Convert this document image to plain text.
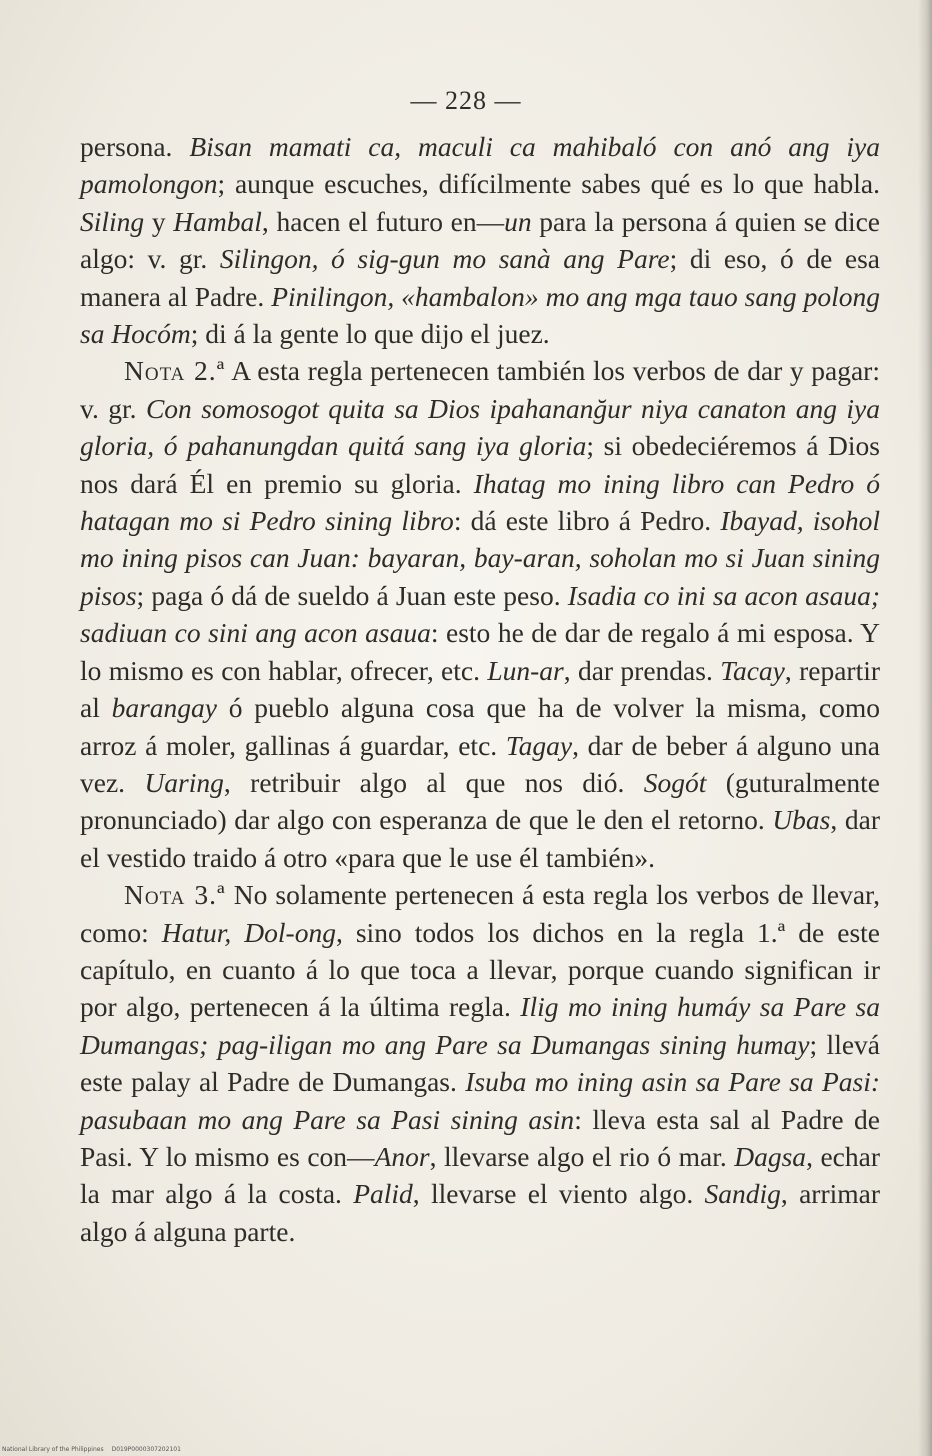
— 228 —

persona. Bisan mamati ca, maculi ca mahibaló con anó ang iya pamolongon; aunque escuches, difícilmente sabes qué es lo que habla. Siling y Hambal, hacen el futuro en—un para la persona á quien se dice algo: v. gr. Silingon, ó sig-gun mo sanà ang Pare; di eso, ó de esa manera al Padre. Pinilingon, «hambalon» mo ang mga tauo sang polong sa Hocóm; di á la gente lo que dijo el juez.

Nota 2.ª A esta regla pertenecen también los verbos de dar y pagar: v. gr. Con somosogot quita sa Dios ipahananğur niya canaton ang iya gloria, ó pahanungdan quitá sang iya gloria; si obedeciéremos á Dios nos dará Él en premio su gloria. Ihatag mo ining libro can Pedro ó hatagan mo si Pedro sining libro: dá este libro á Pedro. Ibayad, isohol mo ining pisos can Juan: bayaran, bay-aran, soholan mo si Juan sining pisos; paga ó dá de sueldo á Juan este peso. Isadia co ini sa acon asaua; sadiuan co sini ang acon asaua: esto he de dar de regalo á mi esposa. Y lo mismo es con hablar, ofrecer, etc. Lun-ar, dar prendas. Tacay, repartir al barangay ó pueblo alguna cosa que ha de volver la misma, como arroz á moler, gallinas á guardar, etc. Tagay, dar de beber á alguno una vez. Uaring, retribuir algo al que nos dió. Sogót (guturalmente pronunciado) dar algo con esperanza de que le den el retorno. Ubas, dar el vestido traido á otro «para que le use él también».

Nota 3.ª No solamente pertenecen á esta regla los verbos de llevar, como: Hatur, Dol-ong, sino todos los dichos en la regla 1.ª de este capítulo, en cuanto á lo que toca a llevar, porque cuando significan ir por algo, pertenecen á la última regla. Ilig mo ining humáy sa Pare sa Dumangas; pag-iligan mo ang Pare sa Dumangas sining humay; llevá este palay al Padre de Dumangas. Isuba mo ining asin sa Pare sa Pasi: pasubaan mo ang Pare sa Pasi sining asin: lleva esta sal al Padre de Pasi. Y lo mismo es con—Anor, llevarse algo el rio ó mar. Dagsa, echar la mar algo á la costa. Palid, llevarse el viento algo. Sandig, arrimar algo á alguna parte.

National Library of the Philippines D019P0000307202101
